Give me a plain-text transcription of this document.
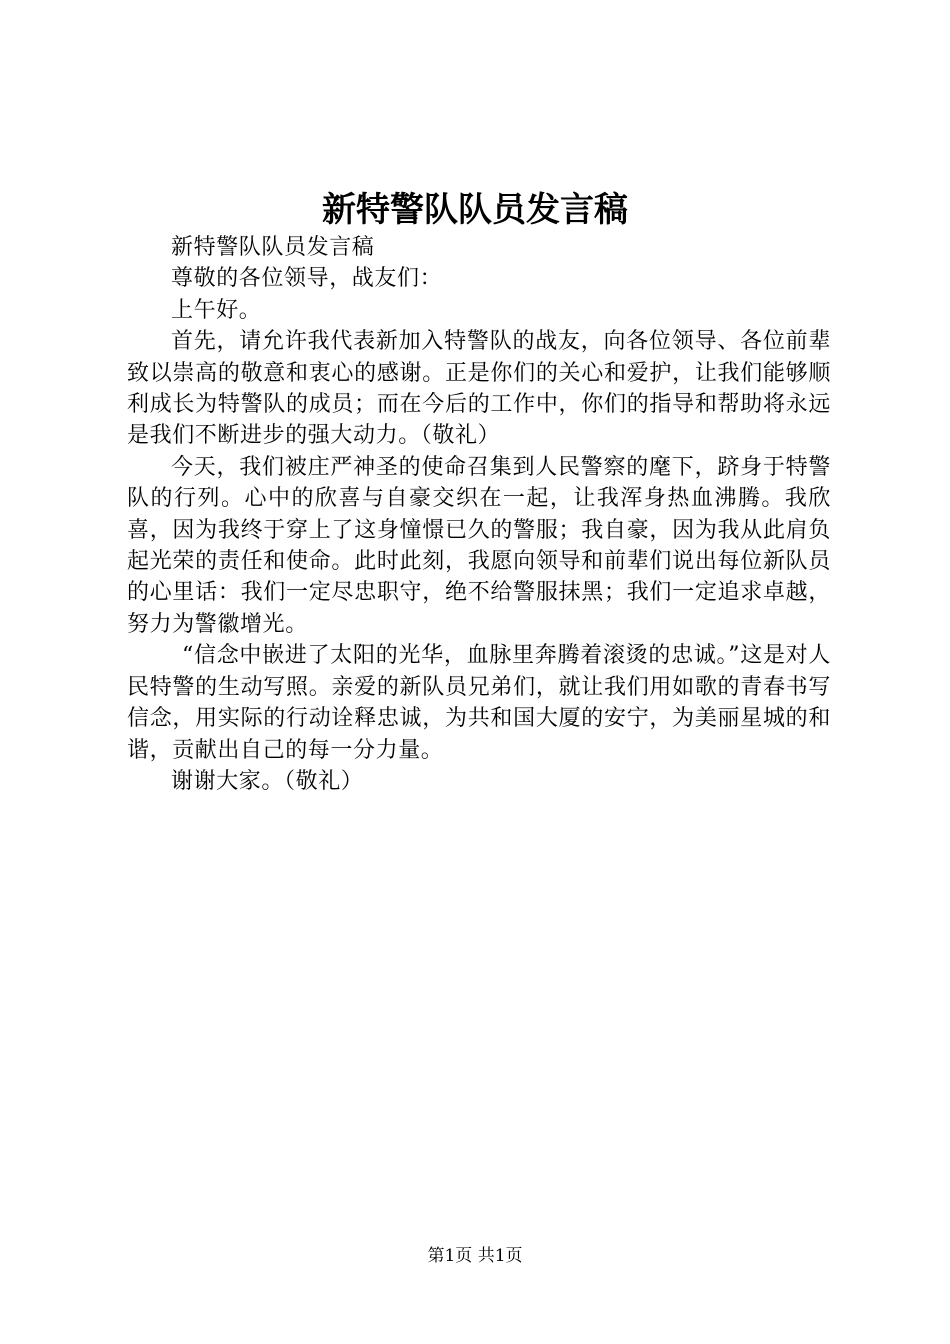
新特警队队员发言稿

新特警队队员发言稿

尊敬的各位领导，战友们：

上午好。

首先，请允许我代表新加入特警队的战友，向各位领导、各位前辈致以崇高的敬意和衷心的感谢。正是你们的关心和爱护，让我们能够顺利成长为特警队的成员；而在今后的工作中，你们的指导和帮助将永远是我们不断进步的强大动力。（敬礼）

今天，我们被庄严神圣的使命召集到人民警察的麾下，跻身于特警队的行列。心中的欣喜与自豪交织在一起，让我浑身热血沸腾。我欣喜，因为我终于穿上了这身憧憬已久的警服；我自豪，因为我从此肩负起光荣的责任和使命。此时此刻，我愿向领导和前辈们说出每位新队员的心里话：我们一定尽忠职守，绝不给警服抹黑；我们一定追求卓越，努力为警徽增光。

“信念中嵌进了太阳的光华，血脉里奔腾着滚烫的忠诚。”这是对人民特警的生动写照。亲爱的新队员兄弟们，就让我们用如歌的青春书写信念，用实际的行动诠释忠诚，为共和国大厦的安宁，为美丽星城的和谐，贡献出自己的每一分力量。

谢谢大家。（敬礼）

第1页 共1页
